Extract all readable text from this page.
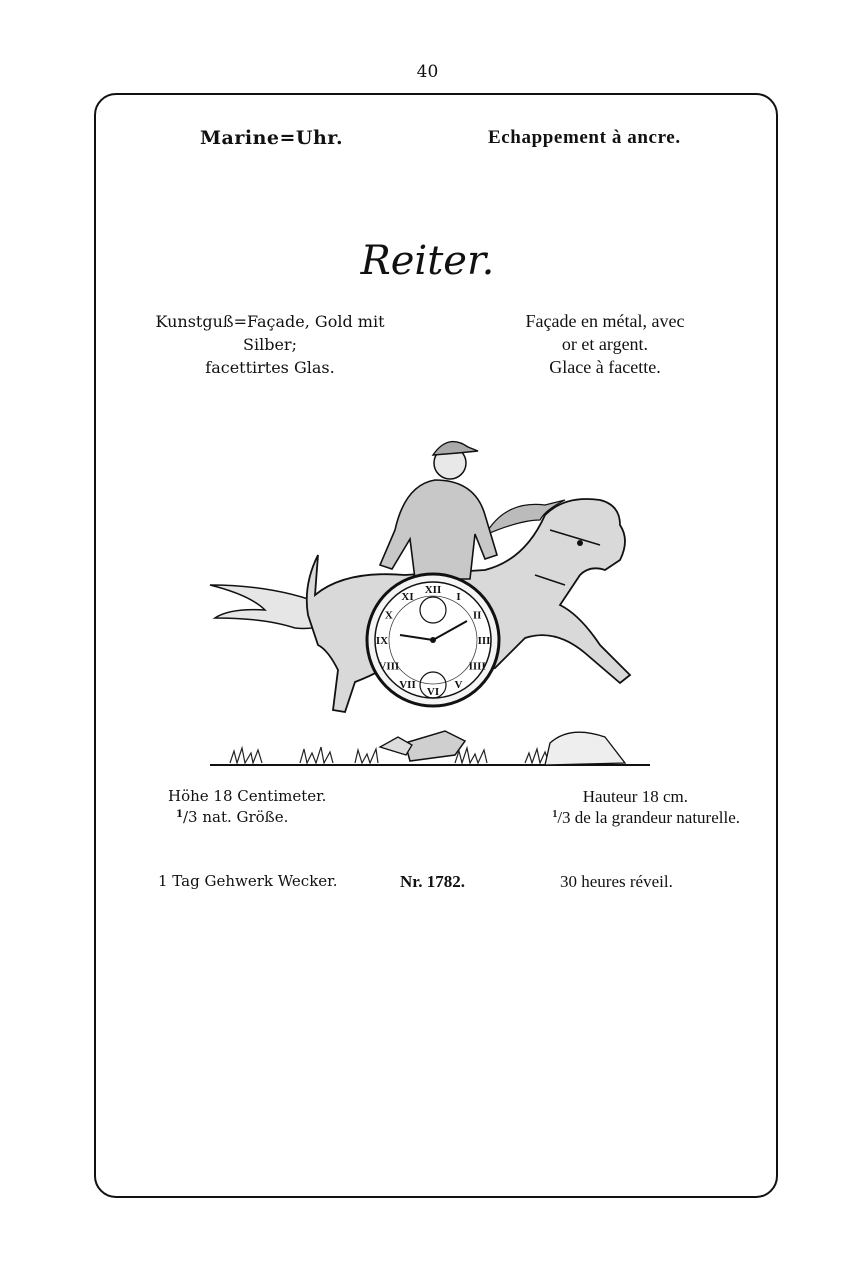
40
Marine=Uhr.	Echappement à ancre.
Reiter.
Kunstguß=Façade, Gold mit
Silber;
facettirtes Glas.
Façade en métal, avec
or et argent.
Glace à facette.
XII
I
II
III
IIII
V
VI
VII
VIII
IX
X
XI
Höhe 18 Centimeter.
$^1$/3 nat. Größe.
Hauteur 18 cm.
$^1$/3 de la grandeur naturelle.
1 Tag Gehwerk Wecker.	Nr. 1782.	30 heures réveil.
